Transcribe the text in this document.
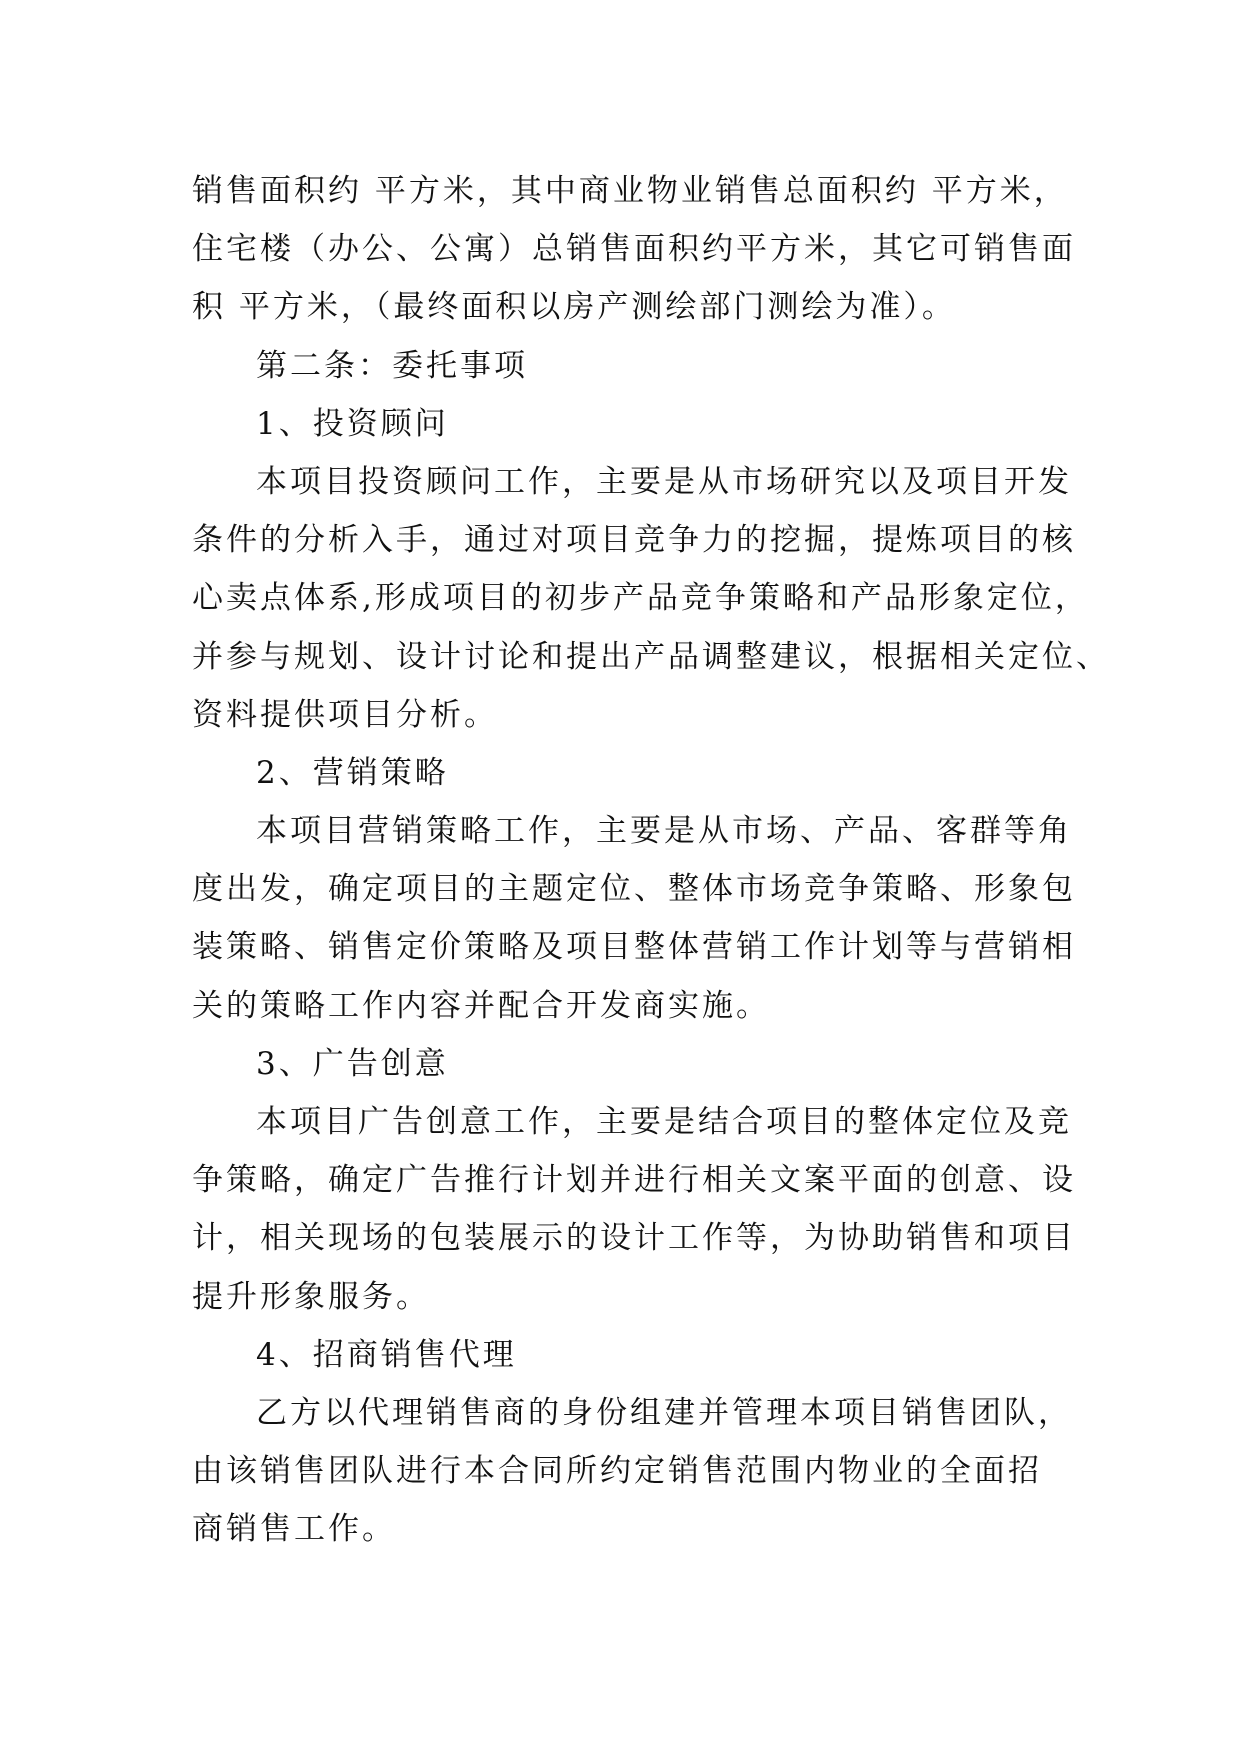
销售面积约 平方米，其中商业物业销售总面积约 平方米，
住宅楼（办公、公寓）总销售面积约平方米，其它可销售面
积 平方米，（最终面积以房产测绘部门测绘为准）。
第二条：委托事项
1、投资顾问
本项目投资顾问工作，主要是从市场研究以及项目开发
条件的分析入手，通过对项目竞争力的挖掘，提炼项目的核
心卖点体系,形成项目的初步产品竞争策略和产品形象定位，
并参与规划、设计讨论和提出产品调整建议，根据相关定位、
资料提供项目分析。
2、营销策略
本项目营销策略工作，主要是从市场、产品、客群等角
度出发，确定项目的主题定位、整体市场竞争策略、形象包
装策略、销售定价策略及项目整体营销工作计划等与营销相
关的策略工作内容并配合开发商实施。
3、广告创意
本项目广告创意工作，主要是结合项目的整体定位及竞
争策略，确定广告推行计划并进行相关文案平面的创意、设
计，相关现场的包装展示的设计工作等，为协助销售和项目
提升形象服务。
4、招商销售代理
乙方以代理销售商的身份组建并管理本项目销售团队，
由该销售团队进行本合同所约定销售范围内物业的全面招
商销售工作。
